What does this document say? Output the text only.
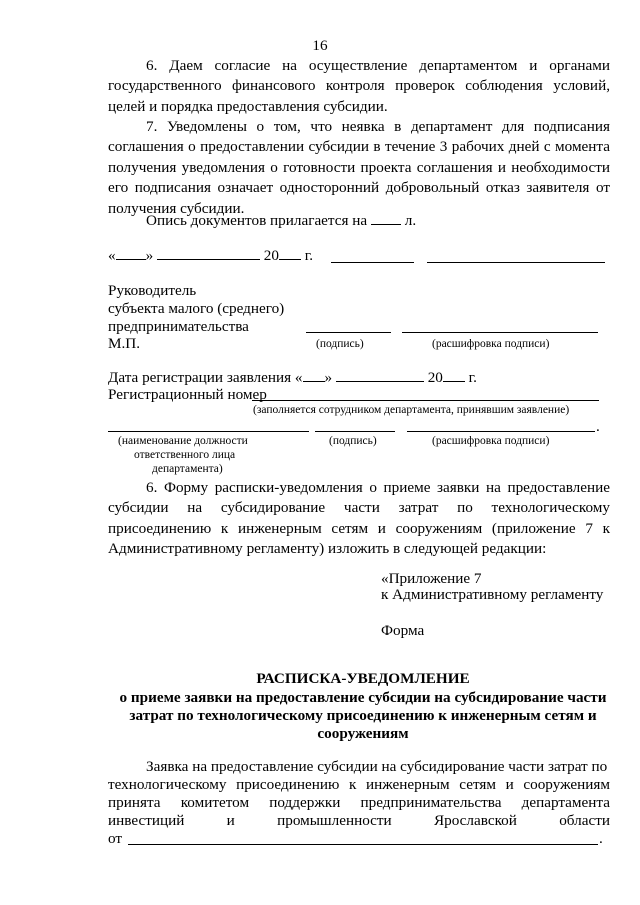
16
6. Даем согласие на осуществление департаментом и органами государственного финансового контроля проверок соблюдения условий, целей и порядка предоставления субсидии.
7. Уведомлены о том, что неявка в департамент для подписания соглашения о предоставлении субсидии в течение 3 рабочих дней с момента получения уведомления о готовности проекта соглашения и необходимости его подписания означает односторонний добровольный отказ заявителя от получения субсидии.
Опись документов прилагается на л.
« »	20 г.
Руководитель
субъекта малого (среднего)
предпринимательства
М.П.	(подпись)	(расшифровка подписи)
Дата регистрации заявления « »	20 г.
Регистрационный номер
(заполняется сотрудником департамента, принявшим заявление)
.
(наименование должности
ответственного лица
департамента)
(подпись)	(расшифровка подписи)
6. Форму расписки-уведомления о приеме заявки на предоставление субсидии на субсидирование части затрат по технологическому присоединению к инженерным сетям и сооружениям (приложение 7 к Административному регламенту) изложить в следующей редакции:
«Приложение 7
к Административному регламенту
Форма
РАСПИСКА-УВЕДОМЛЕНИЕ
о приеме заявки на предоставление субсидии на субсидирование части
затрат по технологическому присоединению к инженерным сетям и
сооружениям
Заявка на предоставление субсидии на субсидирование части затрат по
технологическому присоединению к инженерным сетям и сооружениям
принята комитетом поддержки предпринимательства департамента
инвестиций	и	промышленности	Ярославской	области
от	.
